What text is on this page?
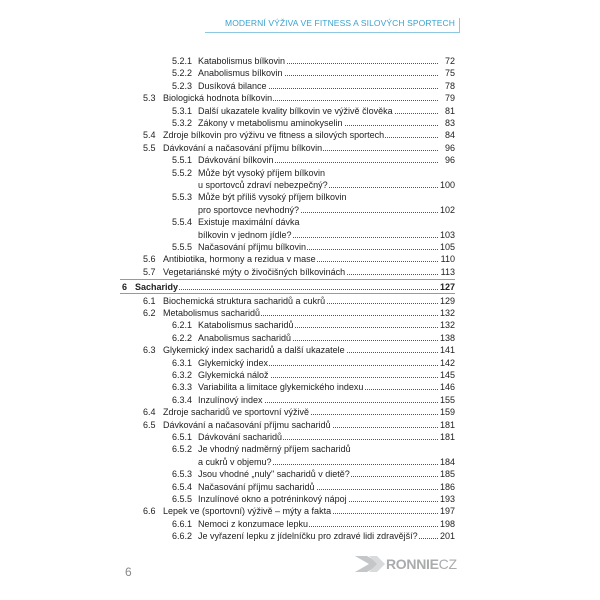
MODERNÍ VÝŽIVA VE FITNESS A SILOVÝCH SPORTECH
5.2.1 Katabolismus bílkovin	72
5.2.2 Anabolismus bílkovin	75
5.2.3 Dusíková bilance	78
5.3 Biologická hodnota bílkovin	79
5.3.1 Další ukazatele kvality bílkovin ve výživě člověka	81
5.3.2 Zákony v metabolismu aminokyselin	83
5.4 Zdroje bílkovin pro výživu ve fitness a silových sportech	84
5.5 Dávkování a načasování příjmu bílkovin	96
5.5.1 Dávkování bílkovin	96
5.5.2 Může být vysoký příjem bílkovin
u sportovců zdraví nebezpečný?	100
5.5.3 Může být příliš vysoký příjem bílkovin
pro sportovce nevhodný?	102
5.5.4 Existuje maximální dávka
bílkovin v jednom jídle?	103
5.5.5 Načasování příjmu bílkovin	105
5.6 Antibiotika, hormony a rezidua v mase	110
5.7 Vegetariánské mýty o živočišných bílkovinách	113
6 Sacharidy	127
6.1 Biochemická struktura sacharidů a cukrů	129
6.2 Metabolismus sacharidů	132
6.2.1 Katabolismus sacharidů	132
6.2.2 Anabolismus sacharidů	138
6.3 Glykemický index sacharidů a další ukazatele	141
6.3.1 Glykemický index	142
6.3.2 Glykemická nálož	145
6.3.3 Variabilita a limitace glykemického indexu	146
6.3.4 Inzulínový index	155
6.4 Zdroje sacharidů ve sportovní výživě	159
6.5 Dávkování a načasování příjmu sacharidů	181
6.5.1 Dávkování sacharidů	181
6.5.2 Je vhodný nadměrný příjem sacharidů
a cukrů v objemu?	184
6.5.3 Jsou vhodné „nuly" sacharidů v dietě?	185
6.5.4 Načasování příjmu sacharidů	186
6.5.5 Inzulínové okno a potréninkový nápoj	193
6.6 Lepek ve (sportovní) výživě – mýty a fakta	197
6.6.1 Nemoci z konzumace lepku	198
6.6.2 Je vyřazení lepku z jídelníčku pro zdravé lidi zdravější? 201
6	RONNIECZ
